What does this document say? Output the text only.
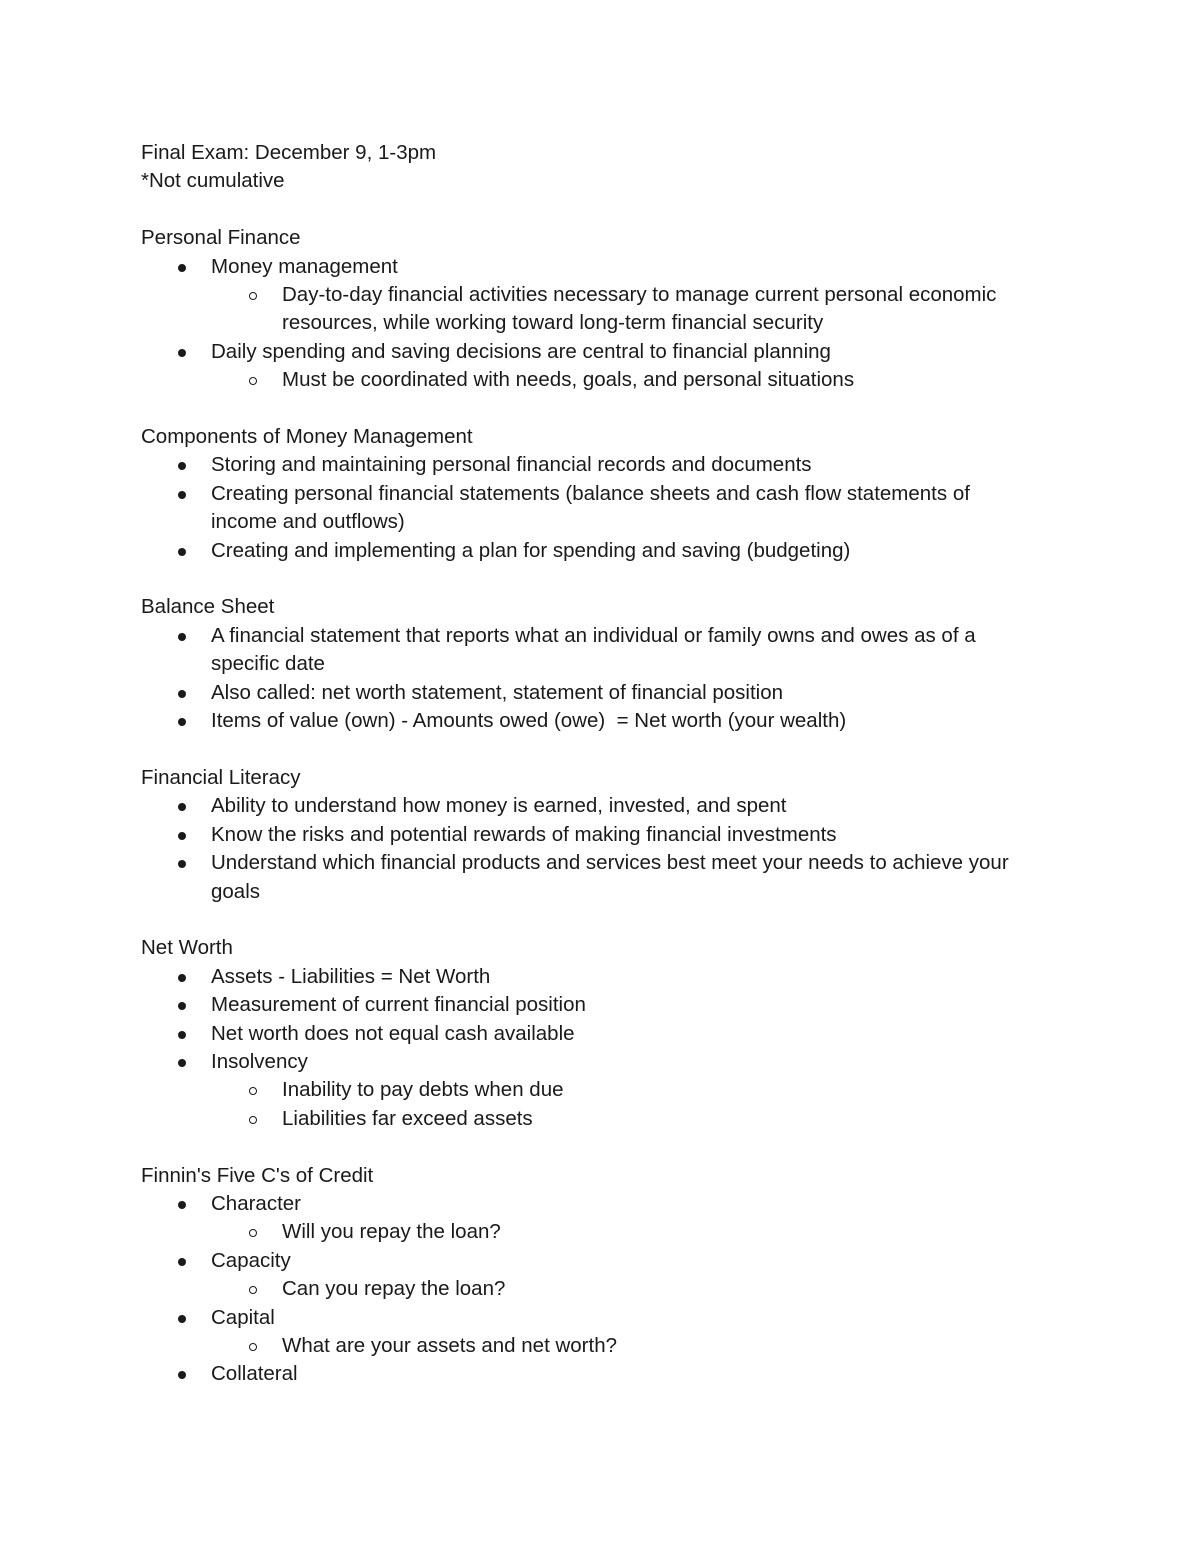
Final Exam: December 9, 1-3pm

*Not cumulative

Personal Finance

Money management
Day-to-day financial activities necessary to manage current personal economic resources, while working toward long-term financial security
Daily spending and saving decisions are central to financial planning
Must be coordinated with needs, goals, and personal situations

Components of Money Management

Storing and maintaining personal financial records and documents
Creating personal financial statements (balance sheets and cash flow statements of income and outflows)
Creating and implementing a plan for spending and saving (budgeting)

Balance Sheet

A financial statement that reports what an individual or family owns and owes as of a specific date
Also called: net worth statement, statement of financial position
Items of value (own) - Amounts owed (owe)  = Net worth (your wealth)

Financial Literacy

Ability to understand how money is earned, invested, and spent
Know the risks and potential rewards of making financial investments
Understand which financial products and services best meet your needs to achieve your goals

Net Worth

Assets - Liabilities = Net Worth
Measurement of current financial position
Net worth does not equal cash available
Insolvency
Inability to pay debts when due
Liabilities far exceed assets

Finnin's Five C's of Credit

Character
Will you repay the loan?
Capacity
Can you repay the loan?
Capital
What are your assets and net worth?
Collateral
